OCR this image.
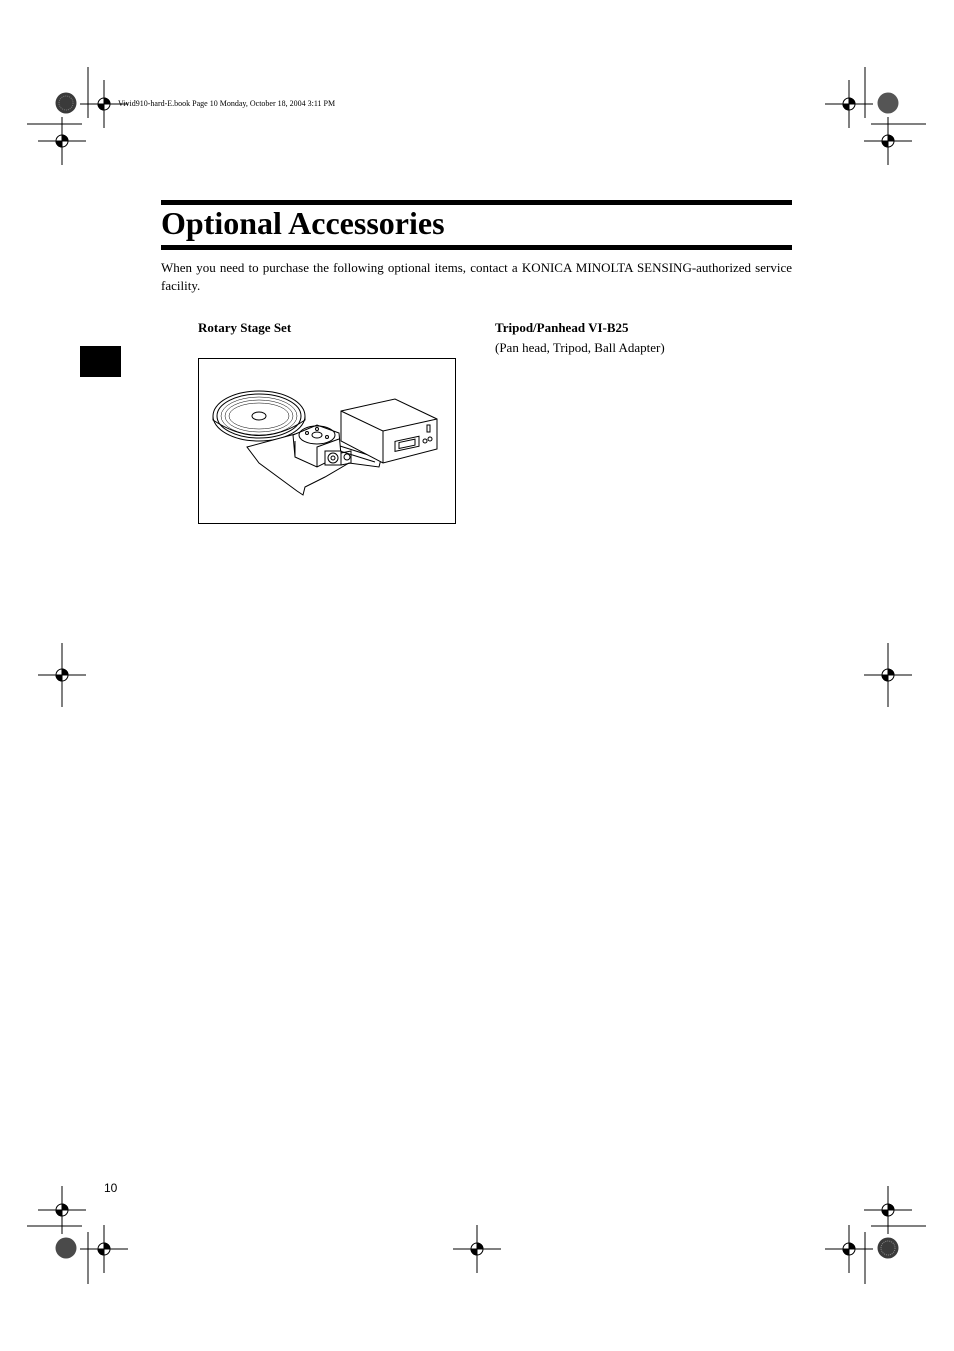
Vivid910-hard-E.book Page 10 Monday, October 18, 2004 3:11 PM
Optional Accessories
When you need to purchase the following optional items, contact a KONICA MINOLTA SENSING-authorized service facility.
Rotary Stage Set	Tripod/Panhead VI-B25
(Pan head, Tripod, Ball Adapter)
10
